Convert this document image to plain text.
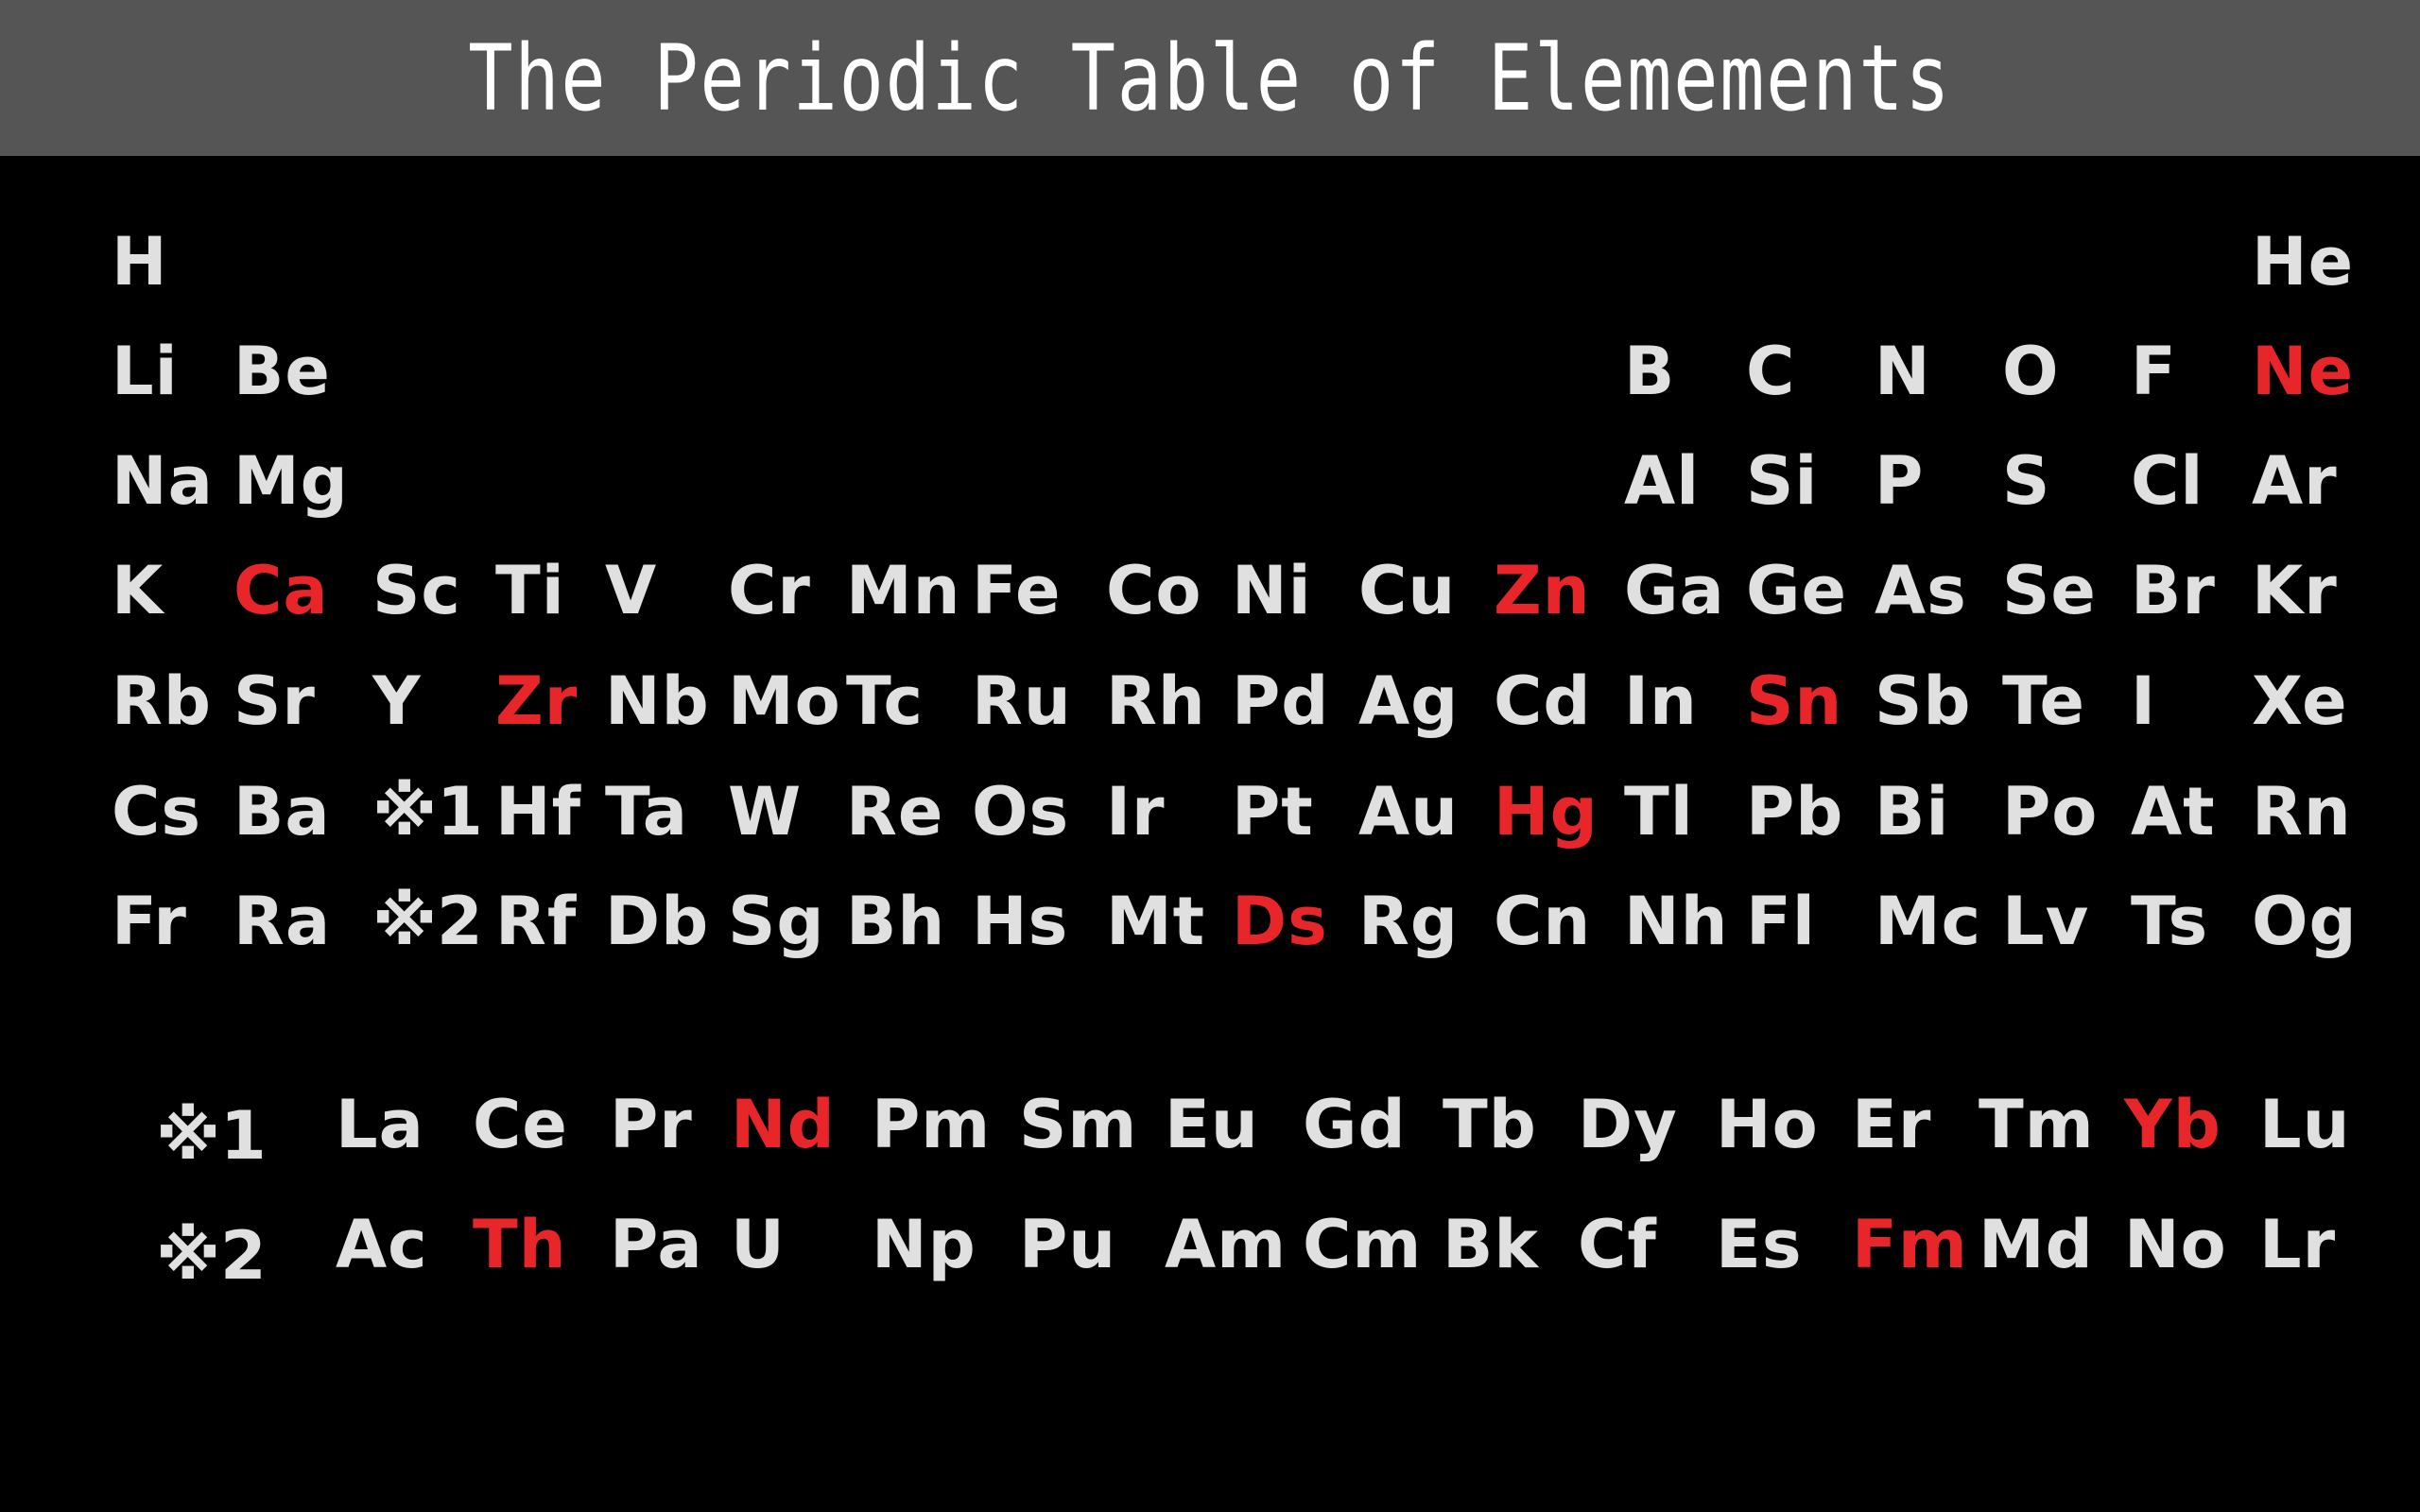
The Periodic Table of Elemements
H	He
Li Be	B C N O F Ne
Na Mg	Al Si P S Cl Ar
K Ca Sc Ti V Cr Mn Fe Co Ni Cu Zn Ga Ge As Se Br Kr
Rb Sr Y Zr Nb Mo Tc Ru Rh Pd Ag Cd In Sn Sb Te I Xe
Cs Ba ※1 Hf Ta W Re Os Ir Pt Au Hg Tl Pb Bi Po At Rn
Fr Ra ※2 Rf Db Sg Bh Hs Mt Ds Rg Cn Nh Fl Mc Lv Ts Og
※1 La Ce Pr Nd Pm Sm Eu Gd Tb Dy Ho Er Tm Yb Lu
※2 Ac Th Pa U Np Pu Am Cm Bk Cf Es Fm Md No Lr
